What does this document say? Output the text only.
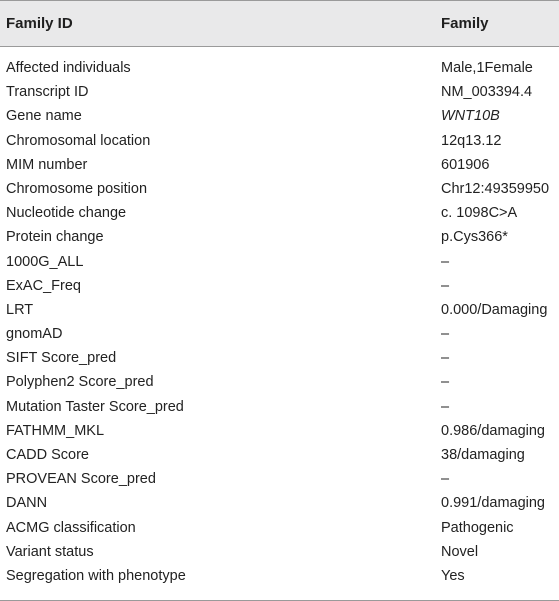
Family ID	Family
Affected individuals	Male,1Female
Transcript ID	NM_003394.4
Gene name	WNT10B
Chromosomal location	12q13.12
MIM number	601906
Chromosome position	Chr12:49359950
Nucleotide change	c. 1098C>A
Protein change	p.Cys366*
1000G_ALL	–
ExAC_Freq	–
LRT	0.000/Damaging
gnomAD	–
SIFT Score_pred	–
Polyphen2 Score_pred	–
Mutation Taster Score_pred	–
FATHMM_MKL	0.986/damaging
CADD Score	38/damaging
PROVEAN Score_pred	–
DANN	0.991/damaging
ACMG classification	Pathogenic
Variant status	Novel
Segregation with phenotype	Yes
